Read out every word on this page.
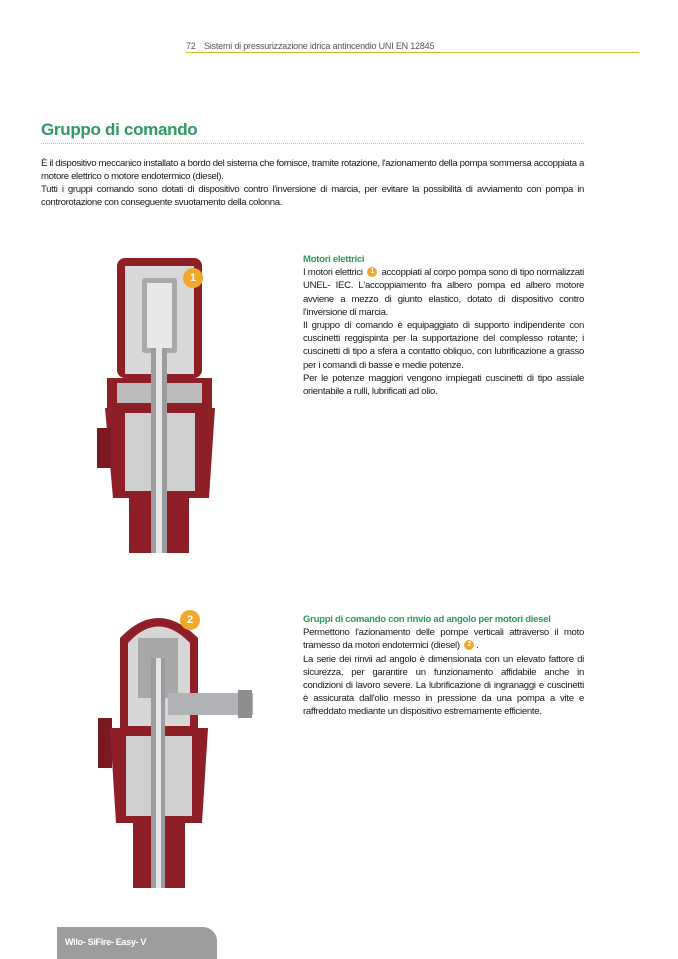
72 Sistemi di pressurizzazione idrica antincendio UNI EN 12845
Gruppo di comando

È il dispositivo meccanico installato a bordo del sistema che fornisce, tramite rotazione, l'azionamento della pompa sommersa accoppiata a motore elettrico o motore endotermico (diesel).

Tutti i gruppi comando sono dotati di dispositivo contro l'inversione di marcia, per evitare la possibilità di avviamento con pompa in controrotazione con conseguente svuotamento della colonna.

1
2
Motori elettrici

I motori elettrici 1 accoppiati al corpo pompa sono di tipo normalizzati UNEL- IEC. L'accoppiamento fra albero pompa ed albero motore avviene a mezzo di giunto elastico, dotato di dispositivo contro l'inversione di marcia.

Il gruppo di comando è equipaggiato di supporto indipendente con cuscinetti reggispinta per la supportazione del complesso rotante; i cuscinetti di tipo a sfera a contatto obliquo, con lubrificazione a grasso per i comandi di basse e medie potenze.

Per le potenze maggiori vengono impiegati cuscinetti di tipo assiale orientabile a rulli, lubrificati ad olio.

Gruppi di comando con rinvio ad angolo per motori diesel

Permettono l'azionamento delle pompe verticali attraverso il moto tramesso da motori endotermici (diesel) 2 .

La serie dei rinvii ad angolo è dimensionata con un elevato fattore di sicurezza, per garantire un funzionamento affidabile anche in condizioni di lavoro severe. La lubrificazione di ingranaggi e cuscinetti è assicurata dall'olio messo in pressione da una pompa a vite e raffreddato mediante un dispositivo estremamente efficiente.

Wilo- SiFire- Easy- V
